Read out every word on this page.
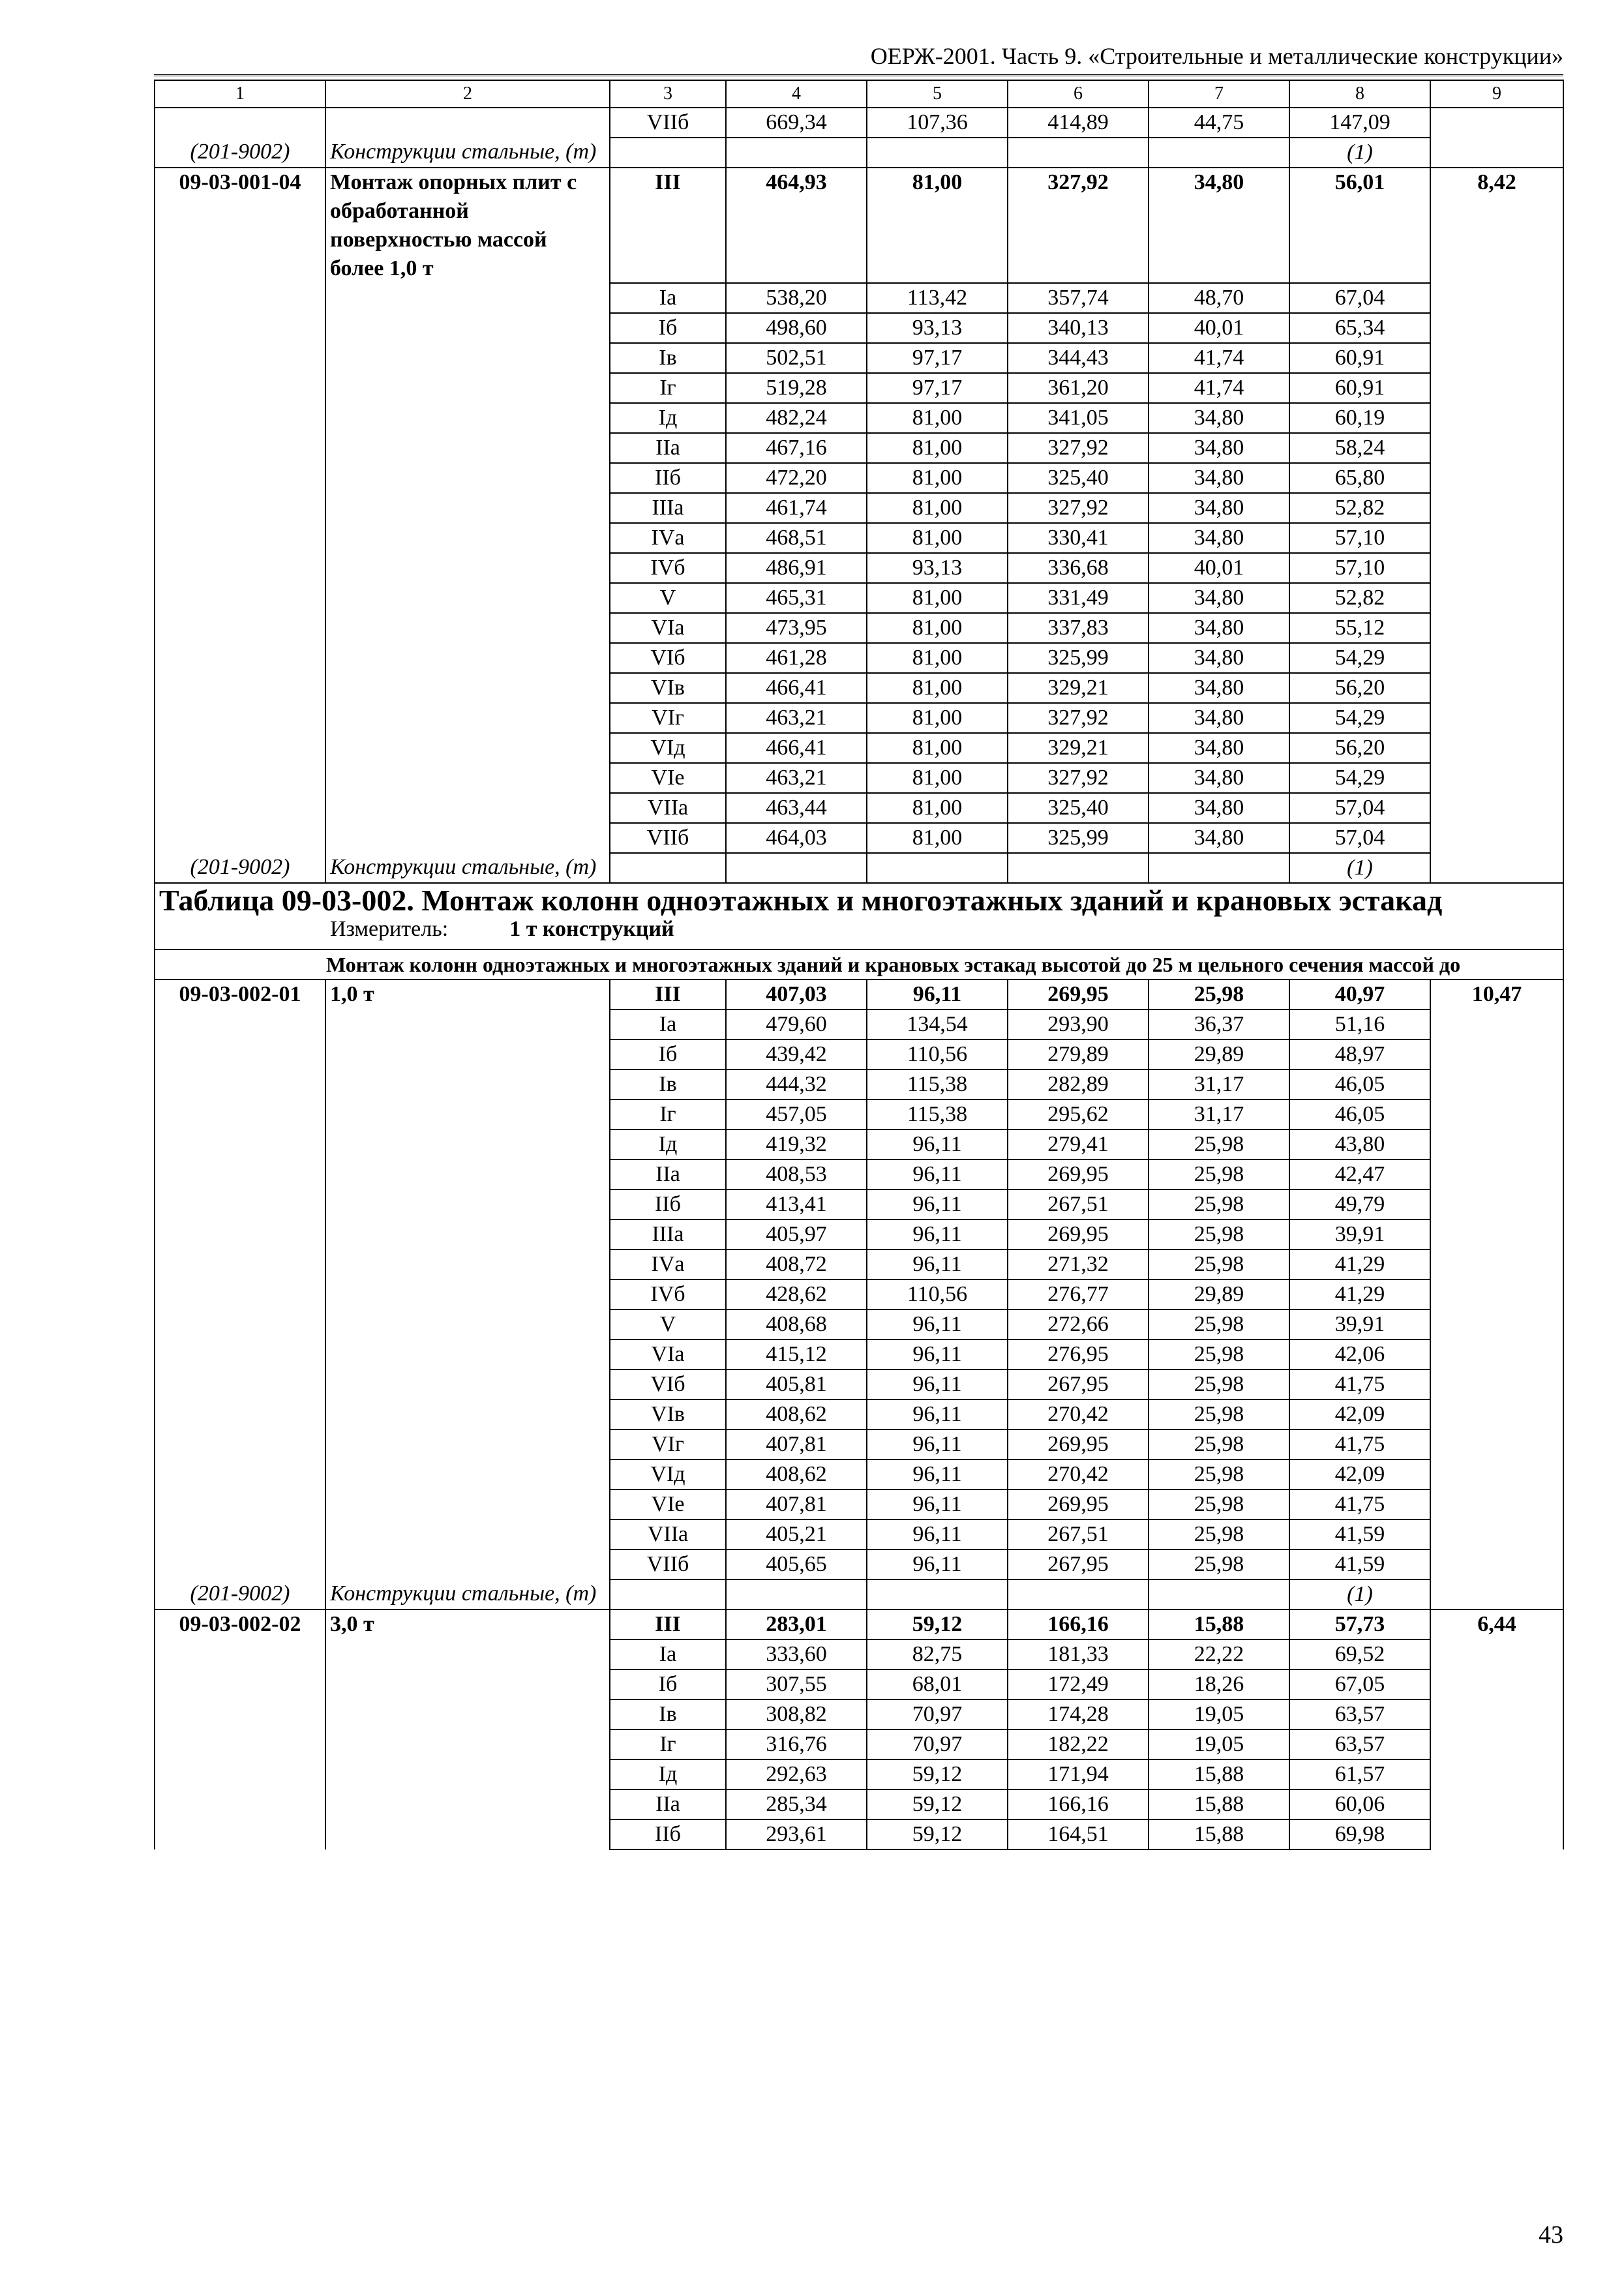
ОЕРЖ-2001. Часть 9. «Строительные и металлические конструкции»
1	2	3	4	5	6	7	8	9
		VIIб	669,34	107,36	414,89	44,75	147,09	
(201-9002)	Конструкции стальные, (т)						(1)	
09-03-001-04	Монтаж опорных плит с обработанной поверхностью массой более 1,0 т	III	464,93	81,00	327,92	34,80	56,01	8,42
		Iа	538,20	113,42	357,74	48,70	67,04	
		Iб	498,60	93,13	340,13	40,01	65,34	
		Iв	502,51	97,17	344,43	41,74	60,91	
		Iг	519,28	97,17	361,20	41,74	60,91	
		Iд	482,24	81,00	341,05	34,80	60,19	
		IIа	467,16	81,00	327,92	34,80	58,24	
		IIб	472,20	81,00	325,40	34,80	65,80	
		IIIа	461,74	81,00	327,92	34,80	52,82	
		IVа	468,51	81,00	330,41	34,80	57,10	
		IVб	486,91	93,13	336,68	40,01	57,10	
		V	465,31	81,00	331,49	34,80	52,82	
		VIа	473,95	81,00	337,83	34,80	55,12	
		VIб	461,28	81,00	325,99	34,80	54,29	
		VIв	466,41	81,00	329,21	34,80	56,20	
		VIг	463,21	81,00	327,92	34,80	54,29	
		VIд	466,41	81,00	329,21	34,80	56,20	
		VIе	463,21	81,00	327,92	34,80	54,29	
		VIIа	463,44	81,00	325,40	34,80	57,04	
		VIIб	464,03	81,00	325,99	34,80	57,04	
(201-9002)	Конструкции стальные, (т)						(1)	

Таблица 09-03-002. Монтаж колонн одноэтажных и многоэтажных зданий и крановых эстакад
Измеритель: 1 т конструкций								

Монтаж колонн одноэтажных и многоэтажных зданий и крановых эстакад высотой до 25 м цельного сечения массой до								
09-03-002-01	1,0 т	III	407,03	96,11	269,95	25,98	40,97	10,47
		Iа	479,60	134,54	293,90	36,37	51,16	
		Iб	439,42	110,56	279,89	29,89	48,97	
		Iв	444,32	115,38	282,89	31,17	46,05	
		Iг	457,05	115,38	295,62	31,17	46,05	
		Iд	419,32	96,11	279,41	25,98	43,80	
		IIа	408,53	96,11	269,95	25,98	42,47	
		IIб	413,41	96,11	267,51	25,98	49,79	
		IIIа	405,97	96,11	269,95	25,98	39,91	
		IVа	408,72	96,11	271,32	25,98	41,29	
		IVб	428,62	110,56	276,77	29,89	41,29	
		V	408,68	96,11	272,66	25,98	39,91	
		VIа	415,12	96,11	276,95	25,98	42,06	
		VIб	405,81	96,11	267,95	25,98	41,75	
		VIв	408,62	96,11	270,42	25,98	42,09	
		VIг	407,81	96,11	269,95	25,98	41,75	
		VIд	408,62	96,11	270,42	25,98	42,09	
		VIе	407,81	96,11	269,95	25,98	41,75	
		VIIа	405,21	96,11	267,51	25,98	41,59	
		VIIб	405,65	96,11	267,95	25,98	41,59	
(201-9002)	Конструкции стальные, (т)						(1)	
09-03-002-02	3,0 т	III	283,01	59,12	166,16	15,88	57,73	6,44
		Iа	333,60	82,75	181,33	22,22	69,52	
		Iб	307,55	68,01	172,49	18,26	67,05	
		Iв	308,82	70,97	174,28	19,05	63,57	
		Iг	316,76	70,97	182,22	19,05	63,57	
		Iд	292,63	59,12	171,94	15,88	61,57	
		IIа	285,34	59,12	166,16	15,88	60,06	
		IIб	293,61	59,12	164,51	15,88	69,98	
43
